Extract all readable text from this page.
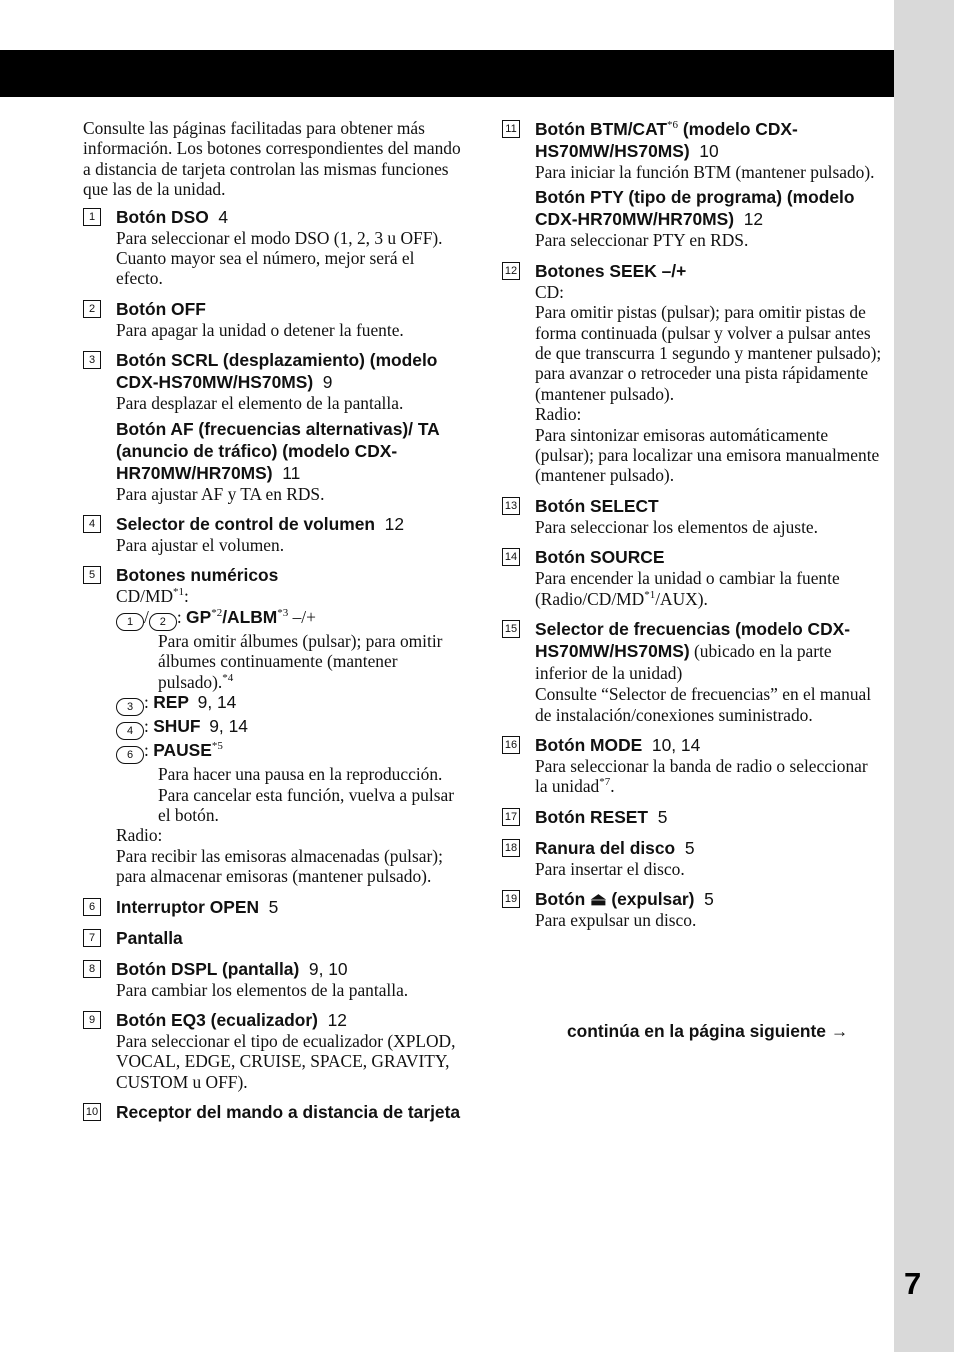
7

Consulte las páginas facilitadas para obtener más información. Los botones correspondientes del mando a distancia de tarjeta controlan las mismas funciones que las de la unidad.

1	Botón DSO 4
Para seleccionar el modo DSO (1, 2, 3 u OFF). Cuanto mayor sea el número, mejor será el efecto.
2	Botón OFF
Para apagar la unidad o detener la fuente.
3	Botón SCRL (desplazamiento) (modelo CDX-HS70MW/HS70MS) 9
Para desplazar el elemento de la pantalla.
Botón AF (frecuencias alternativas)/ TA (anuncio de tráfico) (modelo CDX-HR70MW/HR70MS) 11
Para ajustar AF y TA en RDS.
4	Selector de control de volumen 12
Para ajustar el volumen.
5	Botones numéricos
CD/MD$^{*1}$:
1 / 2 : GP$^{*2}$/ALBM$^{*3}$ –/+
Para omitir álbumes (pulsar); para omitir álbumes continuamente (mantener pulsado).$^{*4}$
3 : REP 9, 14
4 : SHUF 9, 14
6 : PAUSE$^{*5}$
Para hacer una pausa en la reproducción. Para cancelar esta función, vuelva a pulsar el botón.
Radio:
Para recibir las emisoras almacenadas (pulsar); para almacenar emisoras (mantener pulsado).
6	Interruptor OPEN 5
7	Pantalla
8	Botón DSPL (pantalla) 9, 10
Para cambiar los elementos de la pantalla.
9	Botón EQ3 (ecualizador) 12
Para seleccionar el tipo de ecualizador (XPLOD, VOCAL, EDGE, CRUISE, SPACE, GRAVITY, CUSTOM u OFF).
10 Receptor del mando a distancia de tarjeta
11 Botón BTM/CAT$^{*6}$ (modelo CDX-HS70MW/HS70MS) 10
Para iniciar la función BTM (mantener pulsado).
Botón PTY (tipo de programa) (modelo CDX-HR70MW/HR70MS) 12
Para seleccionar PTY en RDS.
12 Botones SEEK –/+
CD:
Para omitir pistas (pulsar); para omitir pistas de forma continuada (pulsar y volver a pulsar antes de que transcurra 1 segundo y mantener pulsado); para avanzar o retroceder una pista rápidamente (mantener pulsado).
Radio:
Para sintonizar emisoras automáticamente (pulsar); para localizar una emisora manualmente (mantener pulsado).
13 Botón SELECT
Para seleccionar los elementos de ajuste.
14 Botón SOURCE
Para encender la unidad o cambiar la fuente (Radio/CD/MD$^{*1}$/AUX).
15 Selector de frecuencias (modelo CDX-HS70MW/HS70MS) (ubicado en la parte inferior de la unidad)
Consulte “Selector de frecuencias” en el manual de instalación/conexiones suministrado.
16 Botón MODE 10, 14
Para seleccionar la banda de radio o seleccionar la unidad$^{*7}$.
17 Botón RESET 5
18 Ranura del disco 5
Para insertar el disco.
19 Botón ⏏ (expulsar) 5
Para expulsar un disco.
continúa en la página siguiente →
